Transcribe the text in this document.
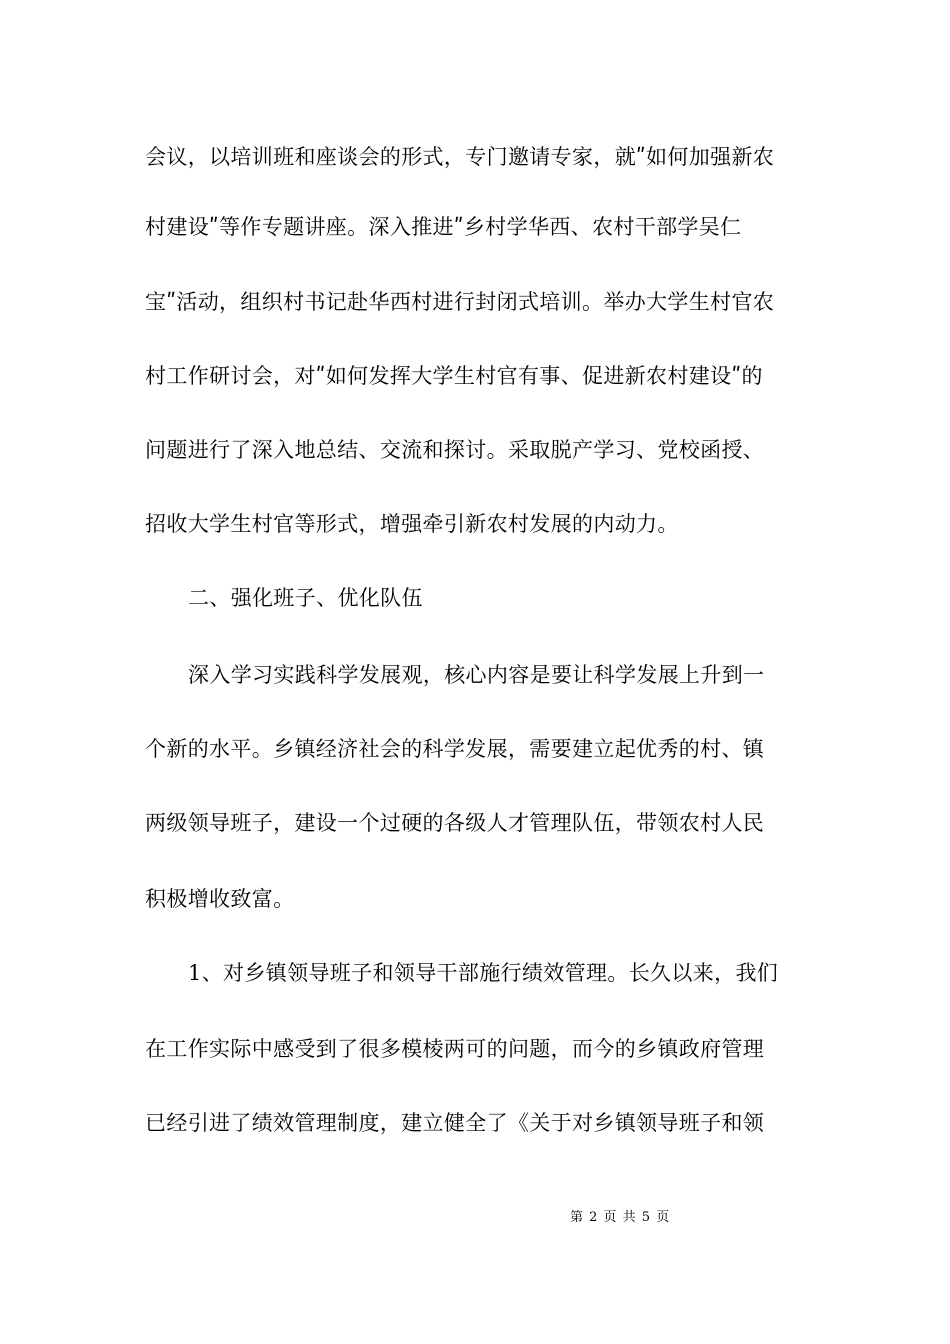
会议，以培训班和座谈会的形式，专门邀请专家，就ʺ如何加强新农
村建设ʺ等作专题讲座。深入推进ʺ乡村学华西、农村干部学吴仁
宝ʺ活动，组织村书记赴华西村进行封闭式培训。举办大学生村官农
村工作研讨会，对ʺ如何发挥大学生村官有事、促进新农村建设ʺ的
问题进行了深入地总结、交流和探讨。采取脱产学习、党校函授、
招收大学生村官等形式，增强牵引新农村发展的内动力。
二、强化班子、优化队伍
深入学习实践科学发展观，核心内容是要让科学发展上升到一
个新的水平。乡镇经济社会的科学发展，需要建立起优秀的村、镇
两级领导班子，建设一个过硬的各级人才管理队伍，带领农村人民
积极增收致富。
1、对乡镇领导班子和领导干部施行绩效管理。长久以来，我们
在工作实际中感受到了很多模棱两可的问题，而今的乡镇政府管理
已经引进了绩效管理制度，建立健全了《关于对乡镇领导班子和领
第 2 页 共 5 页
